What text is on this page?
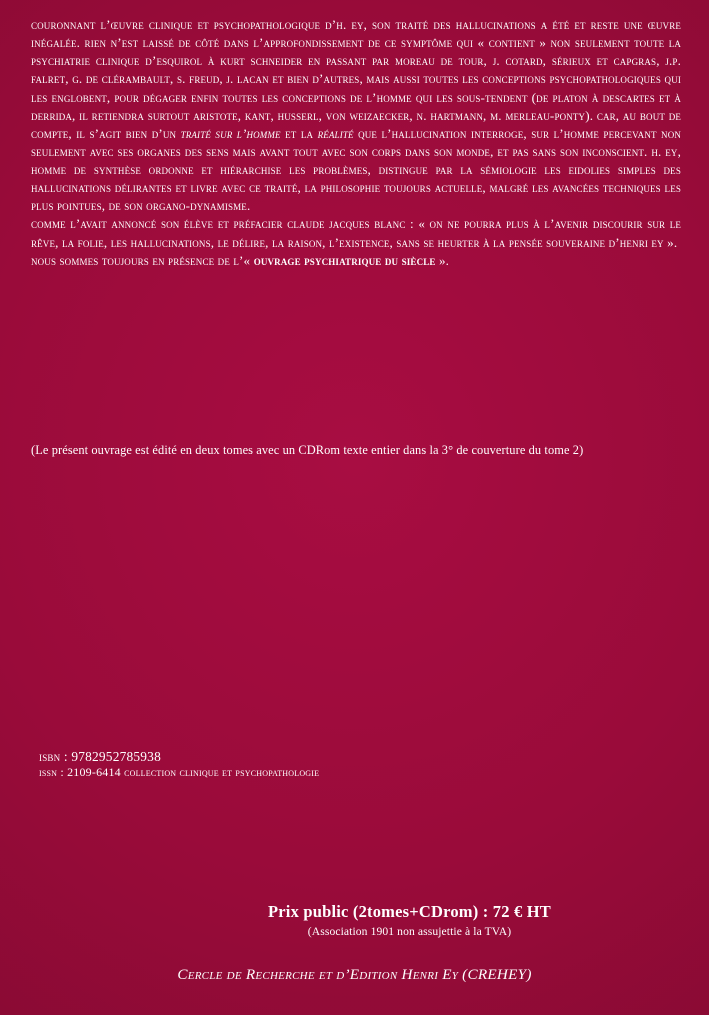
couronnant l’œuvre clinique et psychopathologique d’h. ey, son traité des hallucinations a été et reste une œuvre inégalée. rien n’est laissé de côté dans l’approfondissement de ce symptôme qui « contient » non seulement toute la psychiatrie clinique d’esquirol à kurt schneider en passant par moreau de tour, j. cotard, sérieux et capgras, j.p. falret, g. de clérambault, s. freud, j. lacan et bien d’autres, mais aussi toutes les conceptions psychopathologiques qui les englobent, pour dégager enfin toutes les conceptions de l’homme qui les sous-tendent (de platon à descartes et à derrida, il retiendra surtout aristote, kant, husserl, von weizaecker, n. hartmann, m. merleau-ponty). car, au bout de compte, il s’agit bien d’un traité sur l’homme et la réalité que l’hallucination interroge, sur l’homme percevant non seulement avec ses organes des sens mais avant tout avec son corps dans son monde, et pas sans son inconscient. h. ey, homme de synthèse ordonne et hiérarchise les problèmes, distingue par la sémiologie les eidolies simples des hallucinations délirantes et livre avec ce traité, la philosophie toujours actuelle, malgré les avancées techniques les plus pointues, de son organo-dynamisme.

comme l’avait annoncé son élève et préfacier claude jacques blanc : « on ne pourra plus à l’avenir discourir sur le rêve, la folie, les hallucinations, le délire, la raison, l’existence, sans se heurter à la pensée souveraine d’henri ey ».

nous sommes toujours en présence de l’« ouvrage psychiatrique du siècle ».

(Le présent ouvrage est édité en deux tomes avec un CDRom texte entier dans la 3° de couverture du tome 2)
isbn : 9782952785938
issn : 2109-6414 collection clinique et psychopathologie
Prix public (2tomes+CDrom) : 72 € HT
(Association 1901 non assujettie à la TVA)
Cercle de Recherche et d’Edition Henri Ey (CREHEY)
